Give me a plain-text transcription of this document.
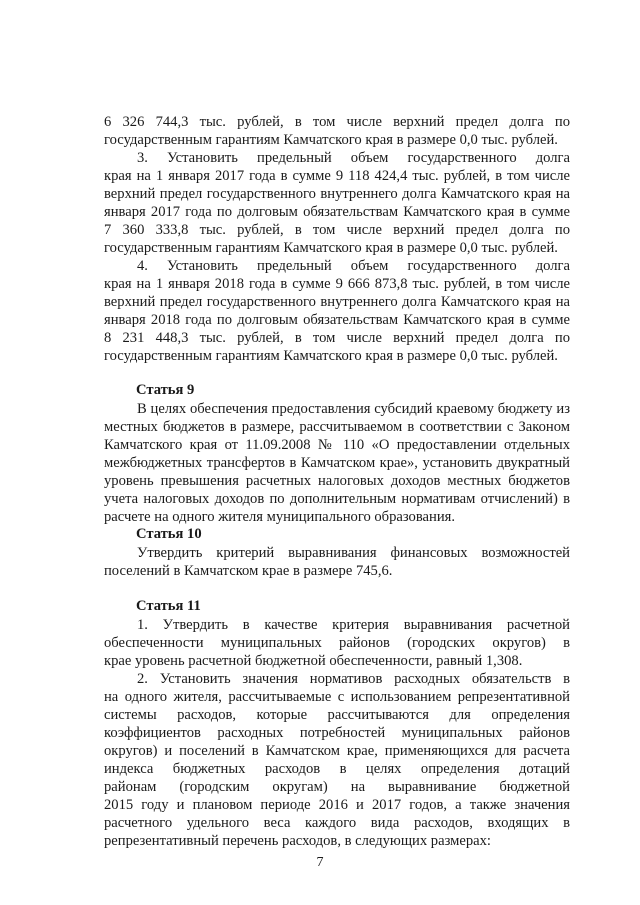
6 326 744,3 тыс. рублей, в том числе верхний предел долга по
государственным гарантиям Камчатского края в размере 0,0 тыс. рублей.
3. Установить предельный объем государственного долга
края на 1 января 2017 года в сумме 9 118 424,4 тыс. рублей, в том числе
верхний предел государственного внутреннего долга Камчатского края на
января 2017 года по долговым обязательствам Камчатского края в сумме
7 360 333,8 тыс. рублей, в том числе верхний предел долга по
государственным гарантиям Камчатского края в размере 0,0 тыс. рублей.
4. Установить предельный объем государственного долга
края на 1 января 2018 года в сумме 9 666 873,8 тыс. рублей, в том числе
верхний предел государственного внутреннего долга Камчатского края на
января 2018 года по долговым обязательствам Камчатского края в сумме
8 231 448,3 тыс. рублей, в том числе верхний предел долга по
государственным гарантиям Камчатского края в размере 0,0 тыс. рублей.
Статья 9
В целях обеспечения предоставления субсидий краевому бюджету из
местных бюджетов в размере, рассчитываемом в соответствии с Законом
Камчатского края от 11.09.2008 № 110 «О предоставлении отдельных
межбюджетных трансфертов в Камчатском крае», установить двукратный
уровень превышения расчетных налоговых доходов местных бюджетов
учета налоговых доходов по дополнительным нормативам отчислений) в
расчете на одного жителя муниципального образования.
Статья 10
Утвердить критерий выравнивания финансовых возможностей
поселений в Камчатском крае в размере 745,6.
Статья 11
1. Утвердить в качестве критерия выравнивания расчетной
обеспеченности муниципальных районов (городских округов) в
крае уровень расчетной бюджетной обеспеченности, равный 1,308.
2. Установить значения нормативов расходных обязательств в
на одного жителя, рассчитываемые с использованием репрезентативной
системы расходов, которые рассчитываются для определения
коэффициентов расходных потребностей муниципальных районов
округов) и поселений в Камчатском крае, применяющихся для расчета
индекса бюджетных расходов в целях определения дотаций
районам (городским округам) на выравнивание бюджетной
2015 году и плановом периоде 2016 и 2017 годов, а также значения
расчетного удельного веса каждого вида расходов, входящих в
репрезентативный перечень расходов, в следующих размерах:
7
